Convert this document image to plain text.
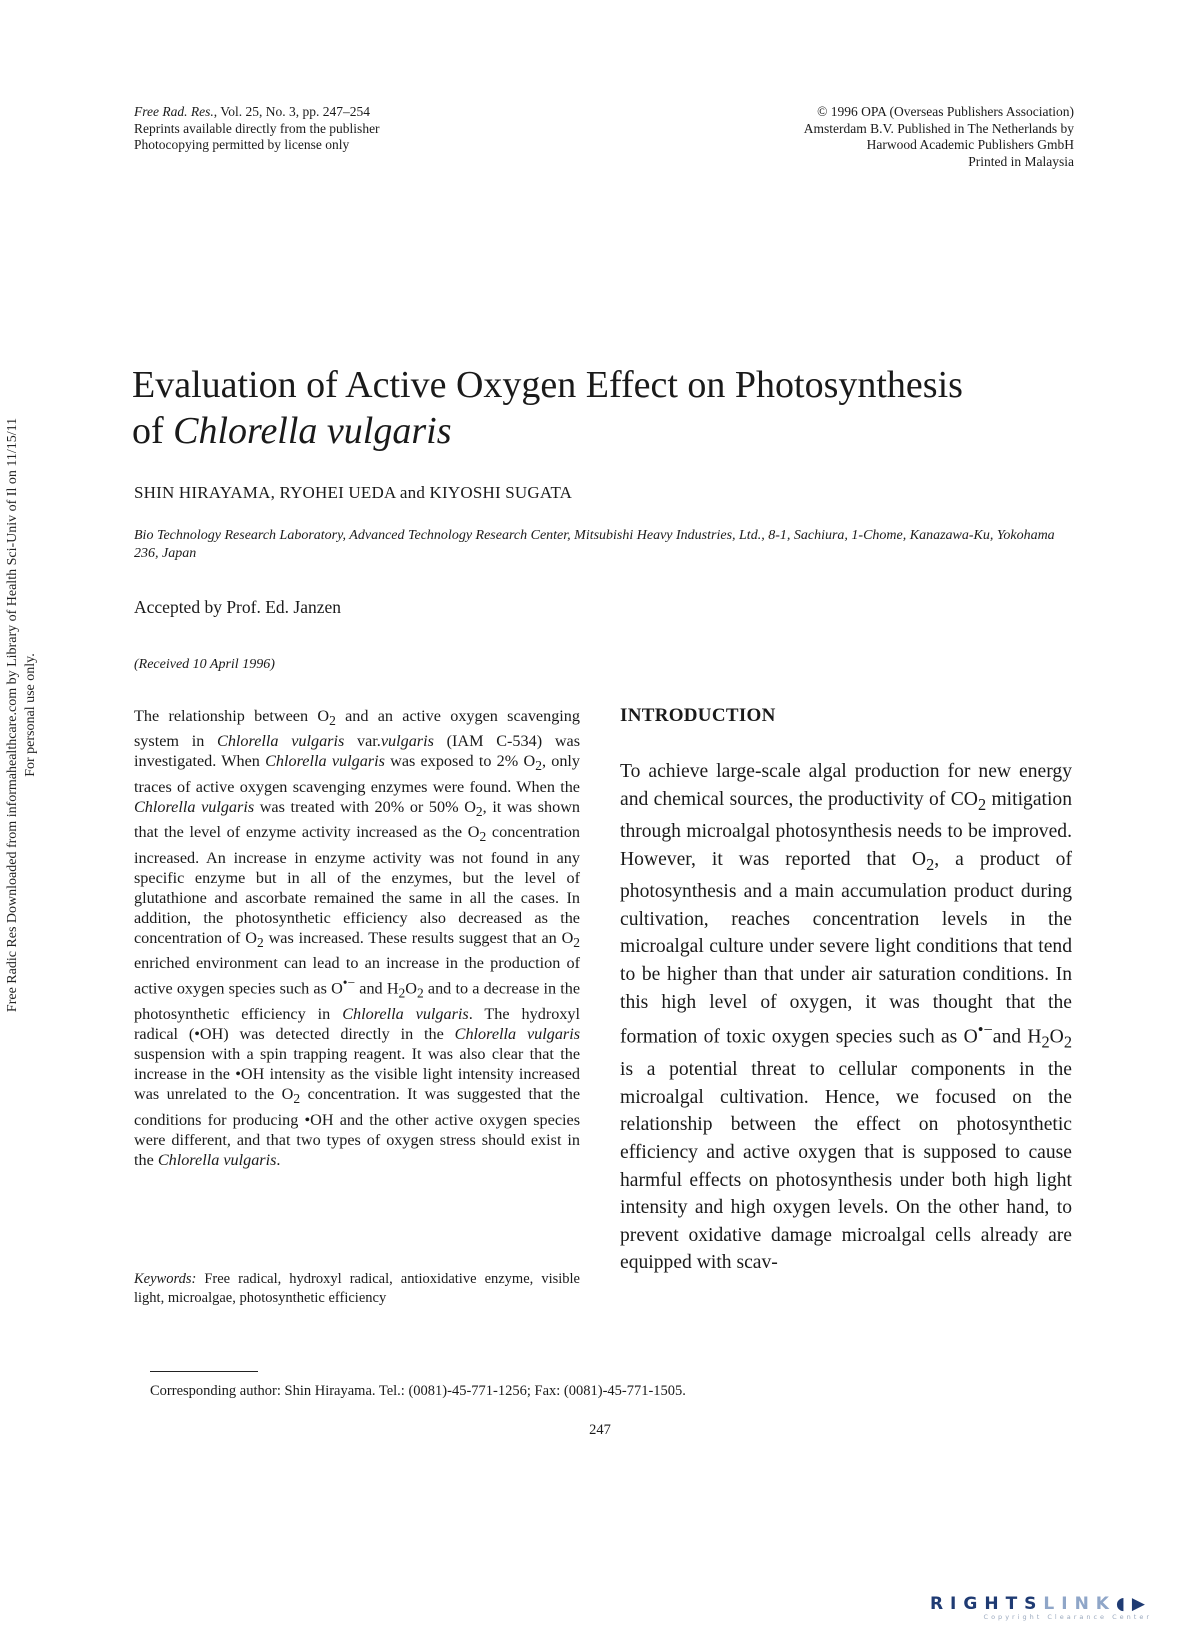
Free Rad. Res., Vol. 25, No. 3, pp. 247–254
Reprints available directly from the publisher
Photocopying permitted by license only
© 1996 OPA (Overseas Publishers Association)
Amsterdam B.V. Published in The Netherlands by
Harwood Academic Publishers GmbH
Printed in Malaysia
Evaluation of Active Oxygen Effect on Photosynthesis
of Chlorella vulgaris
SHIN HIRAYAMA, RYOHEI UEDA and KIYOSHI SUGATA
Bio Technology Research Laboratory, Advanced Technology Research Center, Mitsubishi Heavy Industries, Ltd., 8-1, Sachiura, 1-Chome, Kanazawa-Ku, Yokohama 236, Japan
Accepted by Prof. Ed. Janzen
(Received 10 April 1996)
The relationship between $O_2$ and an active oxygen scavenging system in Chlorella vulgaris var.vulgaris (IAM C-534) was investigated. When Chlorella vulgaris was exposed to 2% $O_2$, only traces of active oxygen scavenging enzymes were found. When the Chlorella vulgaris was treated with 20% or 50% $O_2$, it was shown that the level of enzyme activity increased as the $O_2$ concentration increased. An increase in enzyme activity was not found in any specific enzyme but in all of the enzymes, but the level of glutathione and ascorbate remained the same in all the cases. In addition, the photosynthetic efficiency also decreased as the concentration of $O_2$ was increased. These results suggest that an $O_2$ enriched environment can lead to an increase in the production of active oxygen species such as O•− and $H_2O_2$ and to a decrease in the photosynthetic efficiency in Chlorella vulgaris. The hydroxyl radical (•OH) was detected directly in the Chlorella vulgaris suspension with a spin trapping reagent. It was also clear that the increase in the •OH intensity as the visible light intensity increased was unrelated to the $O_2$ concentration. It was suggested that the conditions for producing •OH and the other active oxygen species were different, and that two types of oxygen stress should exist in the Chlorella vulgaris.
Keywords: Free radical, hydroxyl radical, antioxidative enzyme, visible light, microalgae, photosynthetic efficiency
INTRODUCTION
To achieve large-scale algal production for new energy and chemical sources, the productivity of $CO_2$ mitigation through microalgal photosynthesis needs to be improved. However, it was reported that $O_2$, a product of photosynthesis and a main accumulation product during cultivation, reaches concentration levels in the microalgal culture under severe light conditions that tend to be higher than that under air saturation conditions. In this high level of oxygen, it was thought that the formation of toxic oxygen species such as O•−and $H_2O_2$ is a potential threat to cellular components in the microalgal cultivation. Hence, we focused on the relationship between the effect on photosynthetic efficiency and active oxygen that is supposed to cause harmful effects on photosynthesis under both high light intensity and high oxygen levels. On the other hand, to prevent oxidative damage microalgal cells already are equipped with scav-
Corresponding author: Shin Hirayama. Tel.: (0081)-45-771-1256; Fax: (0081)-45-771-1505.
247
Free Radic Res Downloaded from informahealthcare.com by Library of Health Sci-Univ of Il on 11/15/11 For personal use only.
RIGHTSLINK◖▶
Copyright Clearance Center
